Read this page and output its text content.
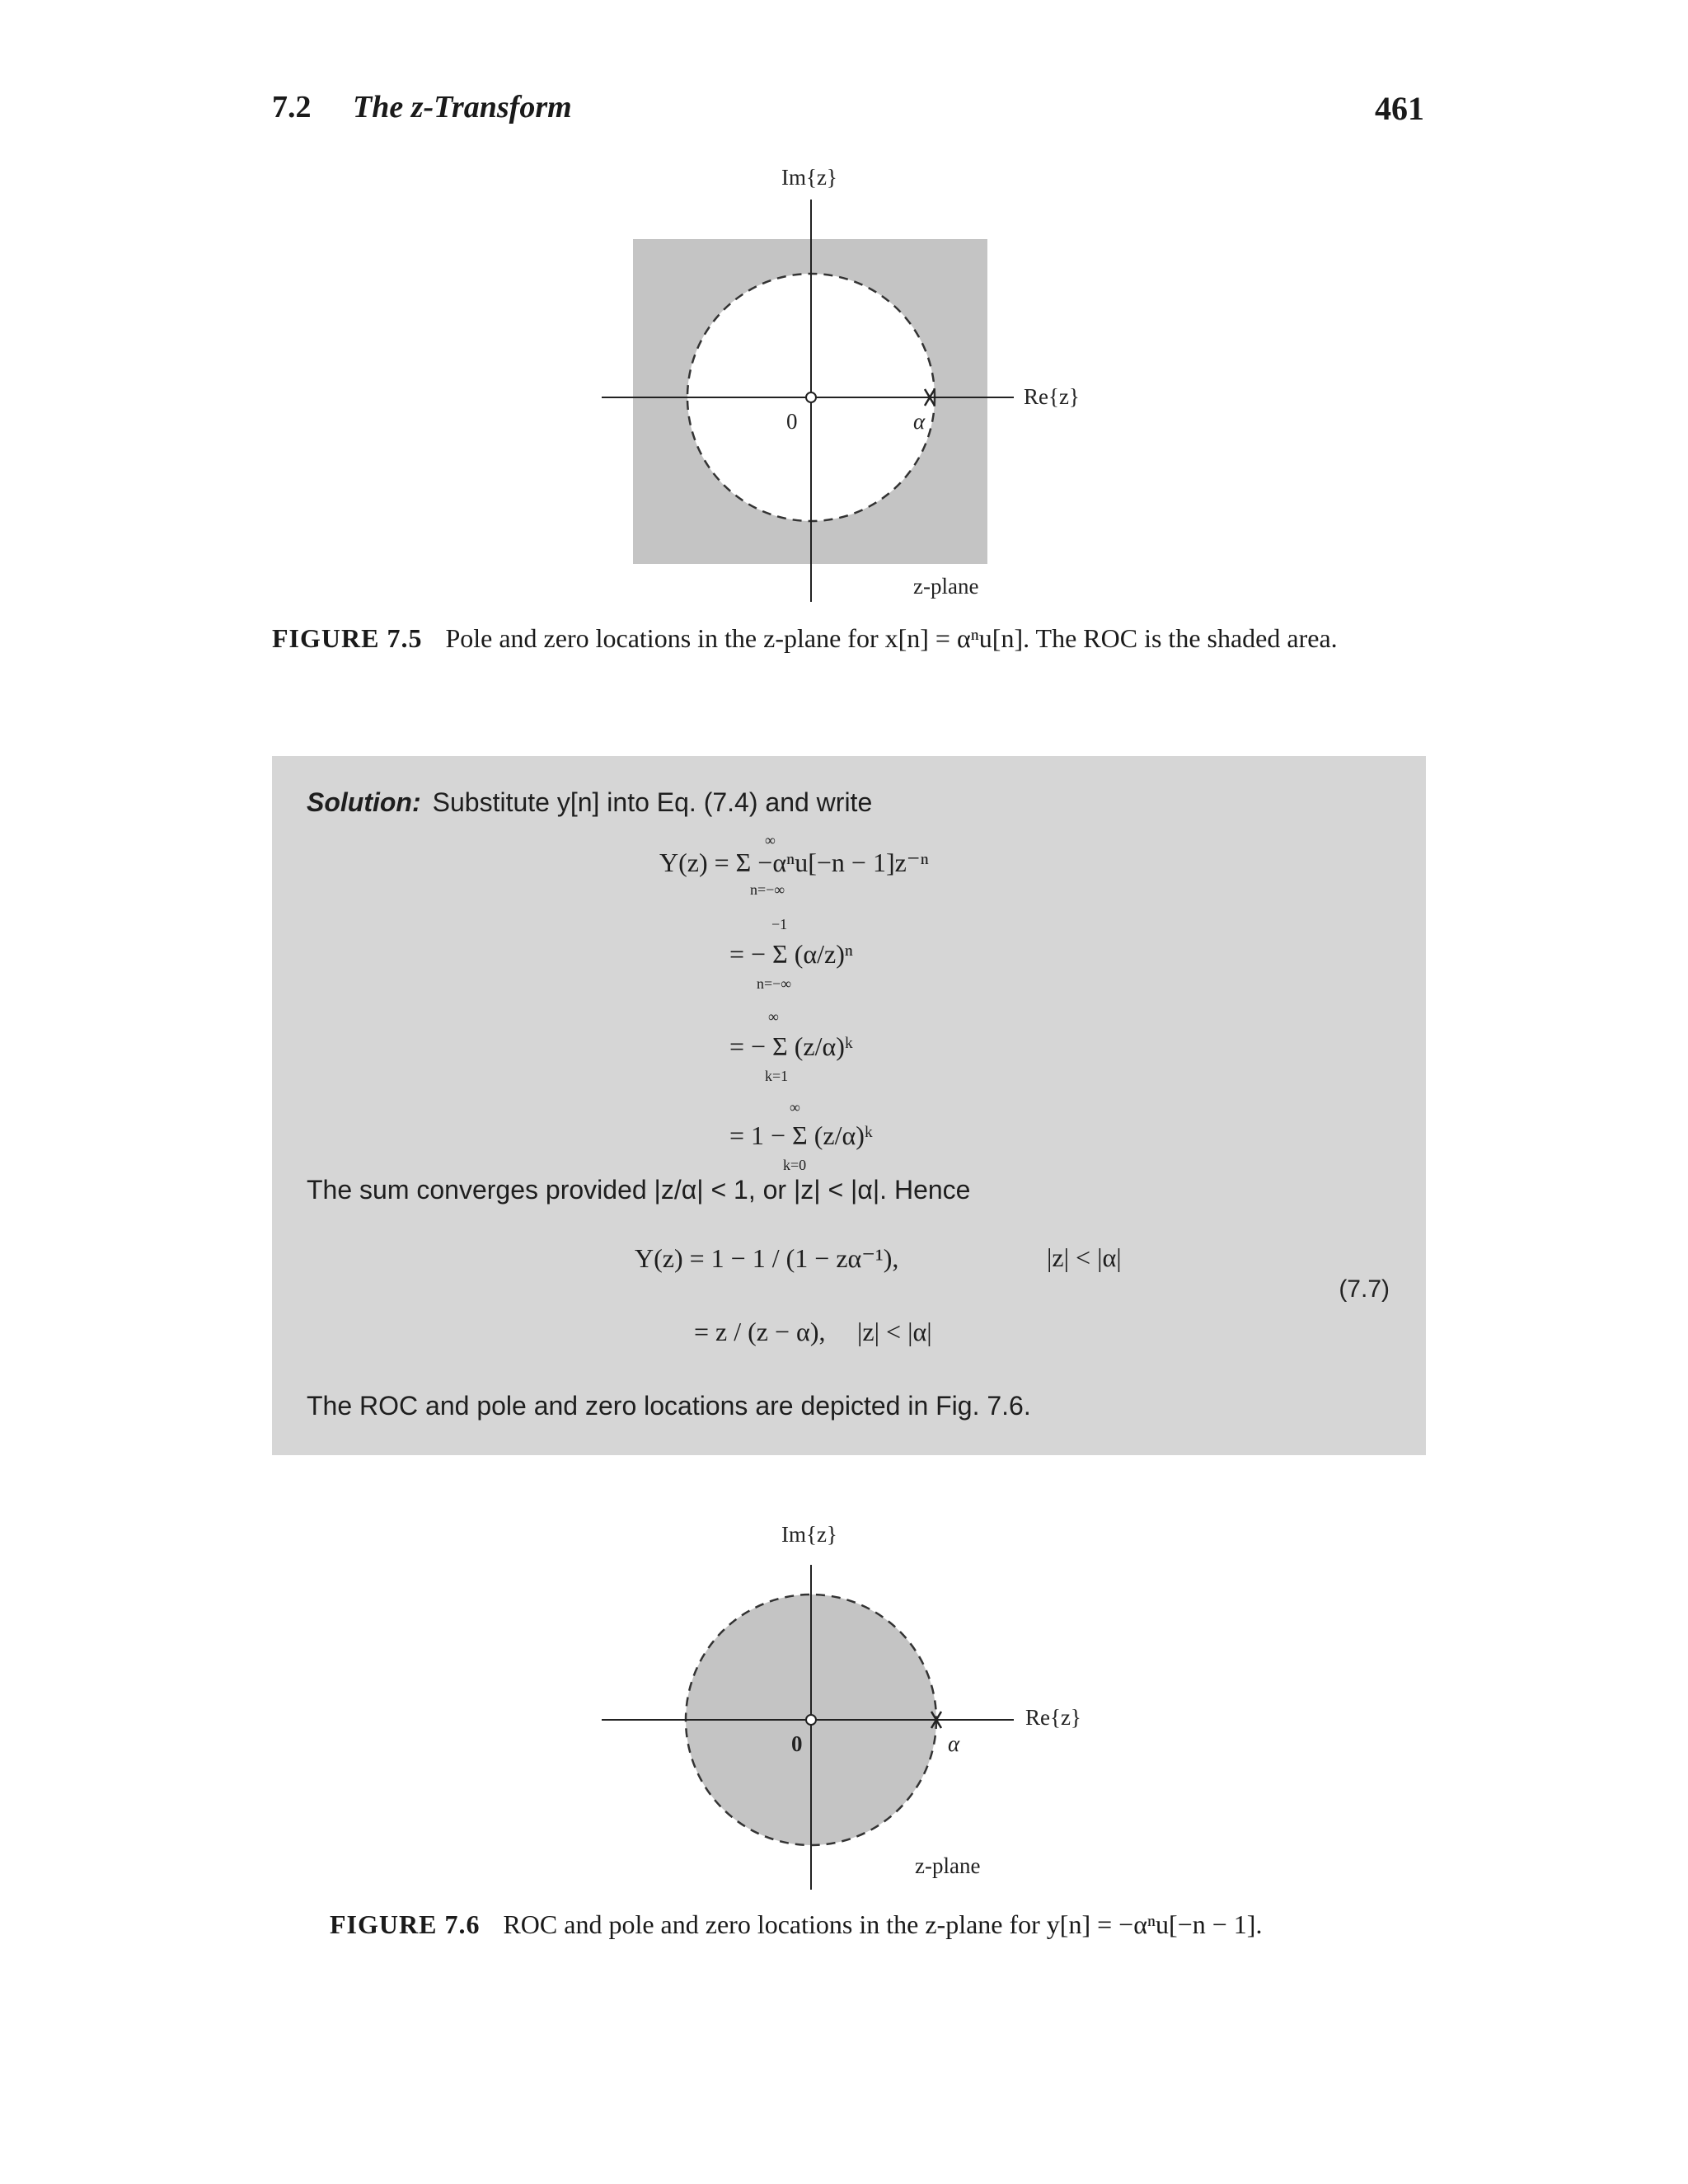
7.2 The z-Transform	461
Im{z}
Re{z}
0	α
z-plane
FIGURE 7.5 Pole and zero locations in the z-plane for x[n] = αⁿu[n]. The ROC is the shaded area.
Solution: Substitute y[n] into Eq. (7.4) and write
Y(z) = Σ −αⁿu[−n − 1]z⁻ⁿ
∞
n=−∞
= − Σ (α/z)ⁿ
−1
n=−∞
= − Σ (z/α)ᵏ
∞
k=1
= 1 − Σ (z/α)ᵏ
∞
k=0
The sum converges provided |z/α| < 1, or |z| < |α|. Hence
Y(z) = 1 − 1 / (1 − zα⁻¹),	|z| < |α|
= z / (z − α), |z| < |α|
(7.7)
The ROC and pole and zero locations are depicted in Fig. 7.6.
Im{z}
Re{z}
0	α
z-plane
FIGURE 7.6 ROC and pole and zero locations in the z-plane for y[n] = −αⁿu[−n − 1].
